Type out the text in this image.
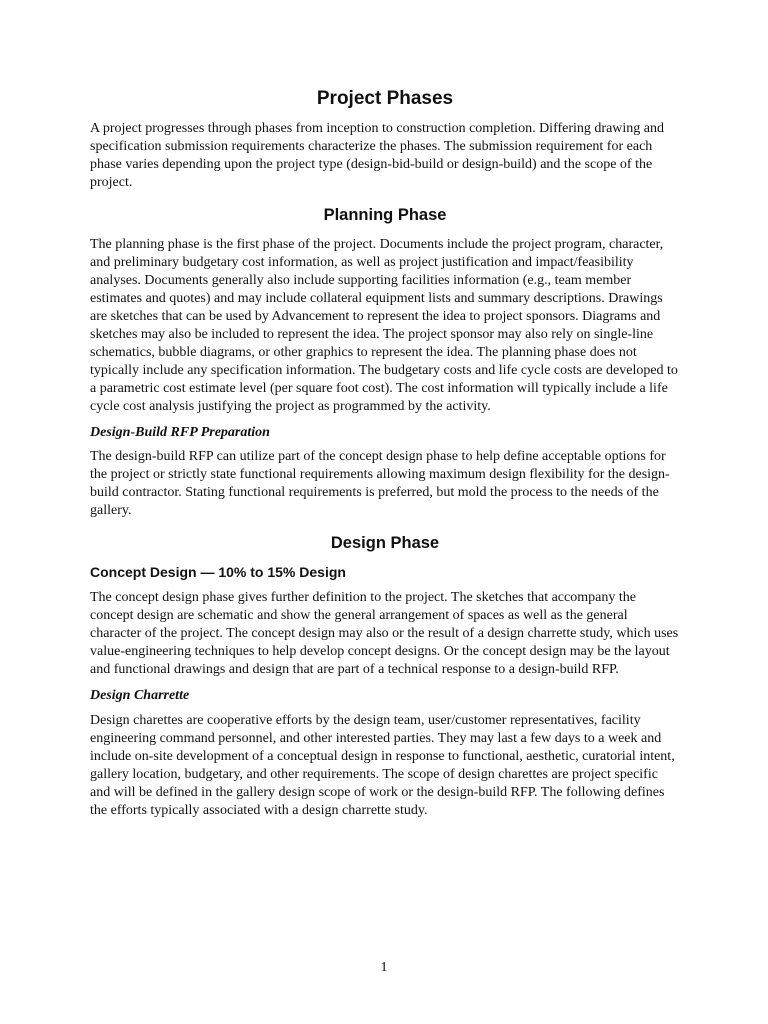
Project Phases

A project progresses through phases from inception to construction completion. Differing drawing and specification submission requirements characterize the phases. The submission requirement for each phase varies depending upon the project type (design-bid-build or design-build) and the scope of the project.

Planning Phase

The planning phase is the first phase of the project. Documents include the project program, character, and preliminary budgetary cost information, as well as project justification and impact/feasibility analyses. Documents generally also include supporting facilities information (e.g., team member estimates and quotes) and may include collateral equipment lists and summary descriptions. Drawings are sketches that can be used by Advancement to represent the idea to project sponsors. Diagrams and sketches may also be included to represent the idea. The project sponsor may also rely on single-line schematics, bubble diagrams, or other graphics to represent the idea. The planning phase does not typically include any specification information. The budgetary costs and life cycle costs are developed to a parametric cost estimate level (per square foot cost). The cost information will typically include a life cycle cost analysis justifying the project as programmed by the activity.

Design-Build RFP Preparation

The design-build RFP can utilize part of the concept design phase to help define acceptable options for the project or strictly state functional requirements allowing maximum design flexibility for the design-build contractor. Stating functional requirements is preferred, but mold the process to the needs of the gallery.

Design Phase
Concept Design — 10% to 15% Design

The concept design phase gives further definition to the project. The sketches that accompany the concept design are schematic and show the general arrangement of spaces as well as the general character of the project. The concept design may also or the result of a design charrette study, which uses value-engineering techniques to help develop concept designs. Or the concept design may be the layout and functional drawings and design that are part of a technical response to a design-build RFP.

Design Charrette

Design charettes are cooperative efforts by the design team, user/customer representatives, facility engineering command personnel, and other interested parties. They may last a few days to a week and include on-site development of a conceptual design in response to functional, aesthetic, curatorial intent, gallery location, budgetary, and other requirements. The scope of design charettes are project specific and will be defined in the gallery design scope of work or the design-build RFP. The following defines the efforts typically associated with a design charrette study.

1
